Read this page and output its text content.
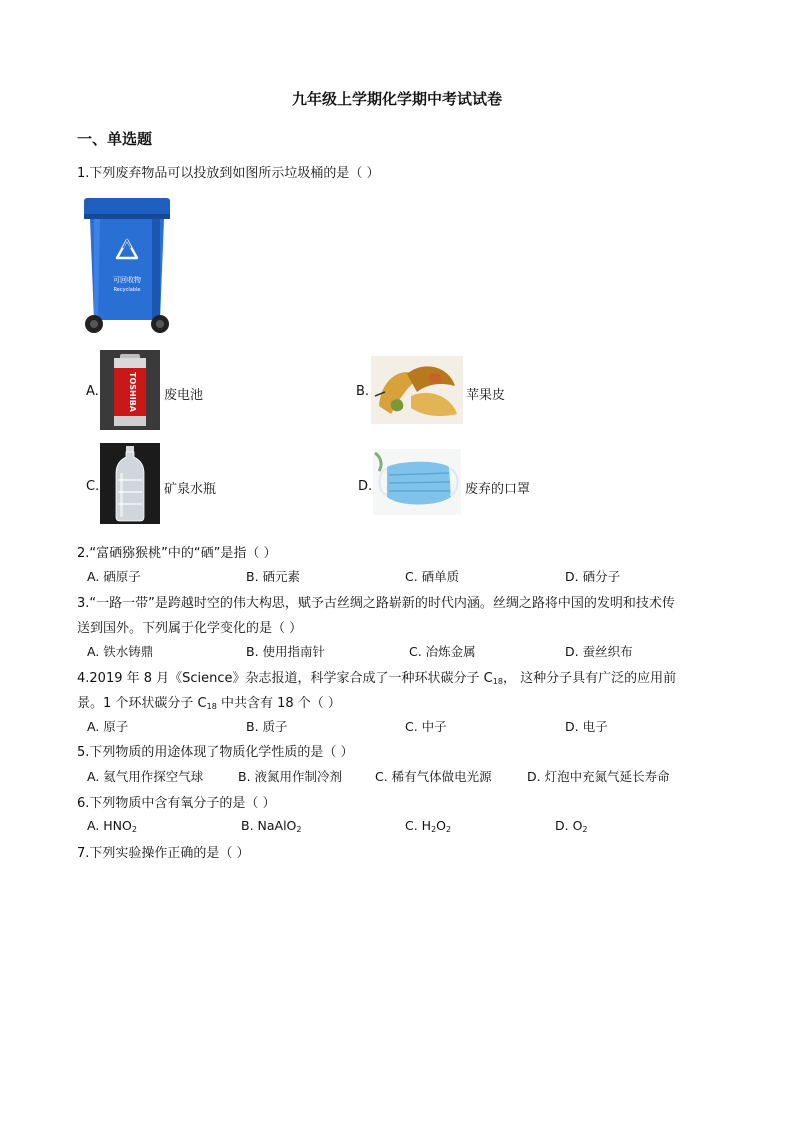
九年级上学期化学期中考试试卷
一、单选题
1.下列废弃物品可以投放到如图所示垃圾桶的是（ ）
可回收物
Recyclable
A.	TOSHIBA 废电池	B.	苹果皮
C.	矿泉水瓶	D.	废弃的口罩
2.“富硒猕猴桃”中的“硒”是指（ ）
A. 硒原子	B. 硒元素	C. 硒单质	D. 硒分子
3.“一路一带”是跨越时空的伟大构思，赋予古丝绸之路崭新的时代内涵。丝绸之路将中国的发明和技术传
送到国外。下列属于化学变化的是（ ）
A. 铁水铸鼎	B. 使用指南针	C. 冶炼金属	D. 蚕丝织布
4.2019 年 8 月《Science》杂志报道，科学家合成了一种环状碳分子 $C_{18}$， 这种分子具有广泛的应用前
景。1 个环状碳分子 $C_{18}$ 中共含有 18 个（ ）
A. 原子	B. 质子	C. 中子	D. 电子
5.下列物质的用途体现了物质化学性质的是（ ）
A. 氦气用作探空气球	B. 液氮用作制冷剂	C. 稀有气体做电光源	D. 灯泡中充氮气延长寿命
6.下列物质中含有氧分子的是（ ）
A. $HNO_2$	B. NaAlO$_2$	C. $H_2O_2$	D. $O_2$
7.下列实验操作正确的是（ ）
